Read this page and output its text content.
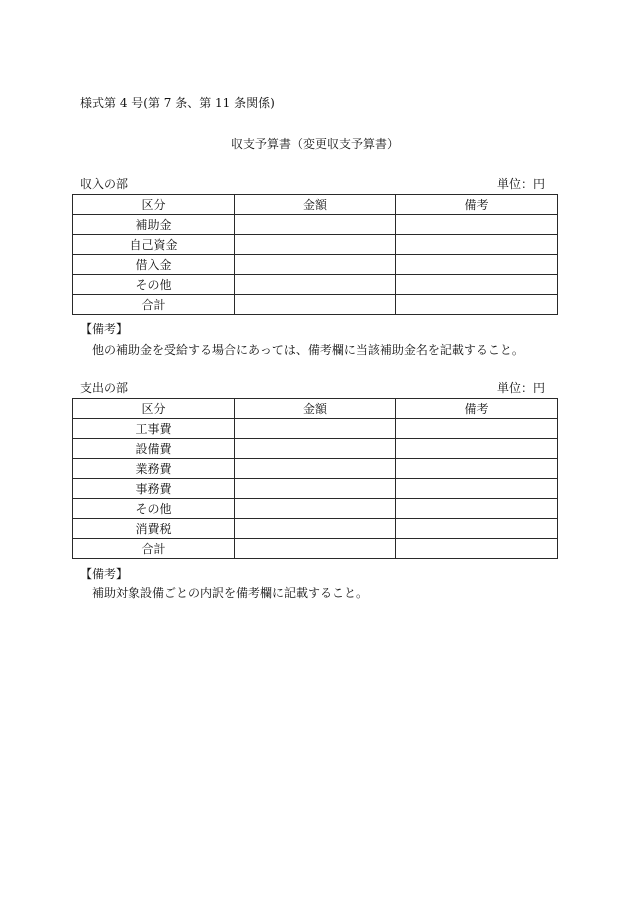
様式第 4 号(第 7 条、第 11 条関係)
収支予算書（変更収支予算書）
収入の部	単位：円
区分	金額	備考
補助金		
自己資金		
借入金		
その他		
合計		
【備考】
他の補助金を受給する場合にあっては、備考欄に当該補助金名を記載すること。
支出の部	単位：円
区分	金額	備考
工事費		
設備費		
業務費		
事務費		
その他		
消費税		
合計		
【備考】
補助対象設備ごとの内訳を備考欄に記載すること。
